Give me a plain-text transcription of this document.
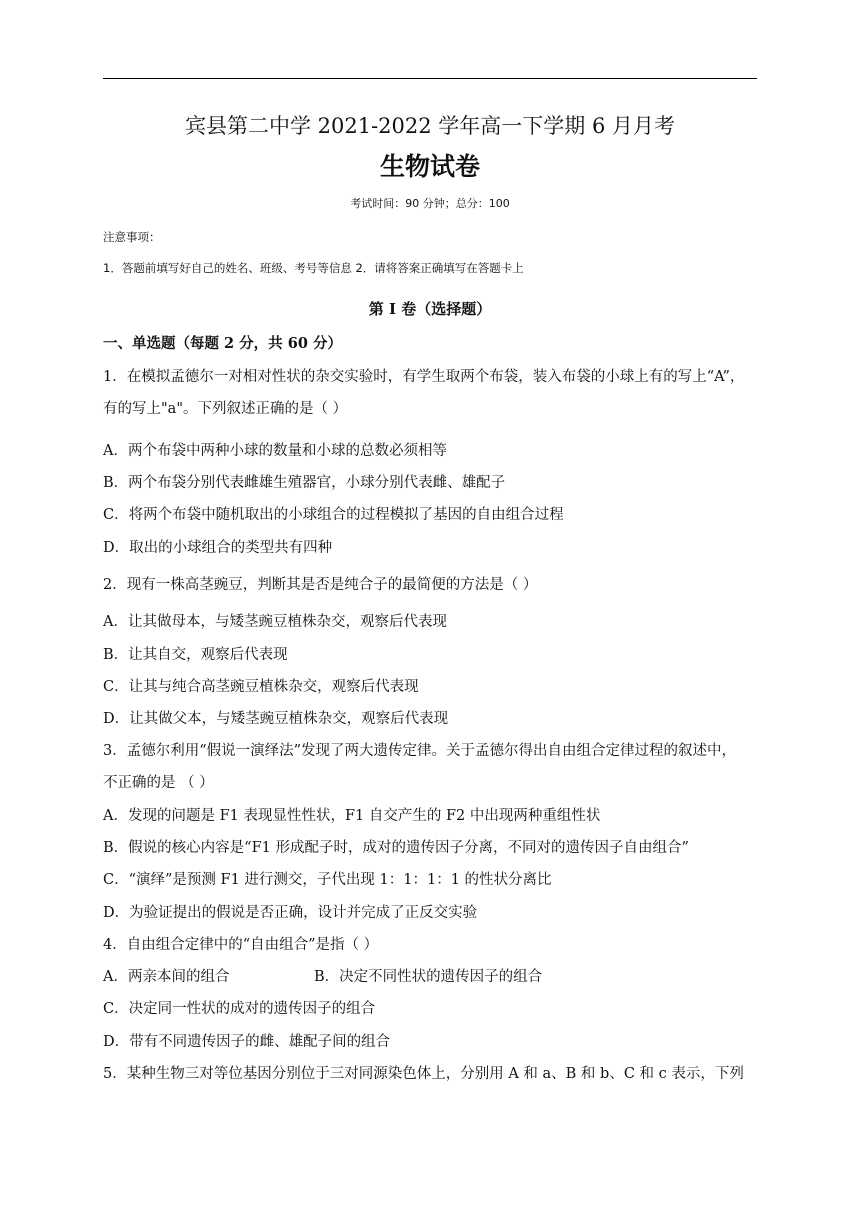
宾县第二中学 2021-2022 学年高一下学期 6 月月考
生物试卷
考试时间：90 分钟；总分：100
注意事项：
1．答题前填写好自己的姓名、班级、考号等信息 2．请将答案正确填写在答题卡上
第 I 卷（选择题）
一、单选题（每题 2 分，共 60 分）
1．在模拟孟德尔一对相对性状的杂交实验时，有学生取两个布袋，装入布袋的小球上有的写上“A”，
有的写上"a"。下列叙述正确的是（ ）
A．两个布袋中两种小球的数量和小球的总数必须相等
B．两个布袋分别代表雌雄生殖器官，小球分别代表雌、雄配子
C．将两个布袋中随机取出的小球组合的过程模拟了基因的自由组合过程
D．取出的小球组合的类型共有四种
2．现有一株高茎豌豆，判断其是否是纯合子的最简便的方法是（ ）
A．让其做母本，与矮茎豌豆植株杂交，观察后代表现
B．让其自交，观察后代表现
C．让其与纯合高茎豌豆植株杂交，观察后代表现
D．让其做父本，与矮茎豌豆植株杂交，观察后代表现
3．孟德尔利用“假说一演绎法”发现了两大遗传定律。关于孟德尔得出自由组合定律过程的叙述中，
不正确的是 （ ）
A．发现的问题是 F1 表现显性性状，F1 自交产生的 F2 中出现两种重组性状
B．假说的核心内容是“F1 形成配子时，成对的遗传因子分离，不同对的遗传因子自由组合”
C．“演绎”是预测 F1 进行测交，子代出现 1：1：1：1 的性状分离比
D．为验证提出的假说是否正确，设计并完成了正反交实验
4．自由组合定律中的“自由组合”是指（ ）
A．两亲本间的组合	B．决定不同性状的遗传因子的组合
C．决定同一性状的成对的遗传因子的组合
D．带有不同遗传因子的雌、雄配子间的组合
5．某种生物三对等位基因分别位于三对同源染色体上，分别用 A 和 a、B 和 b、C 和 c 表示，下列
